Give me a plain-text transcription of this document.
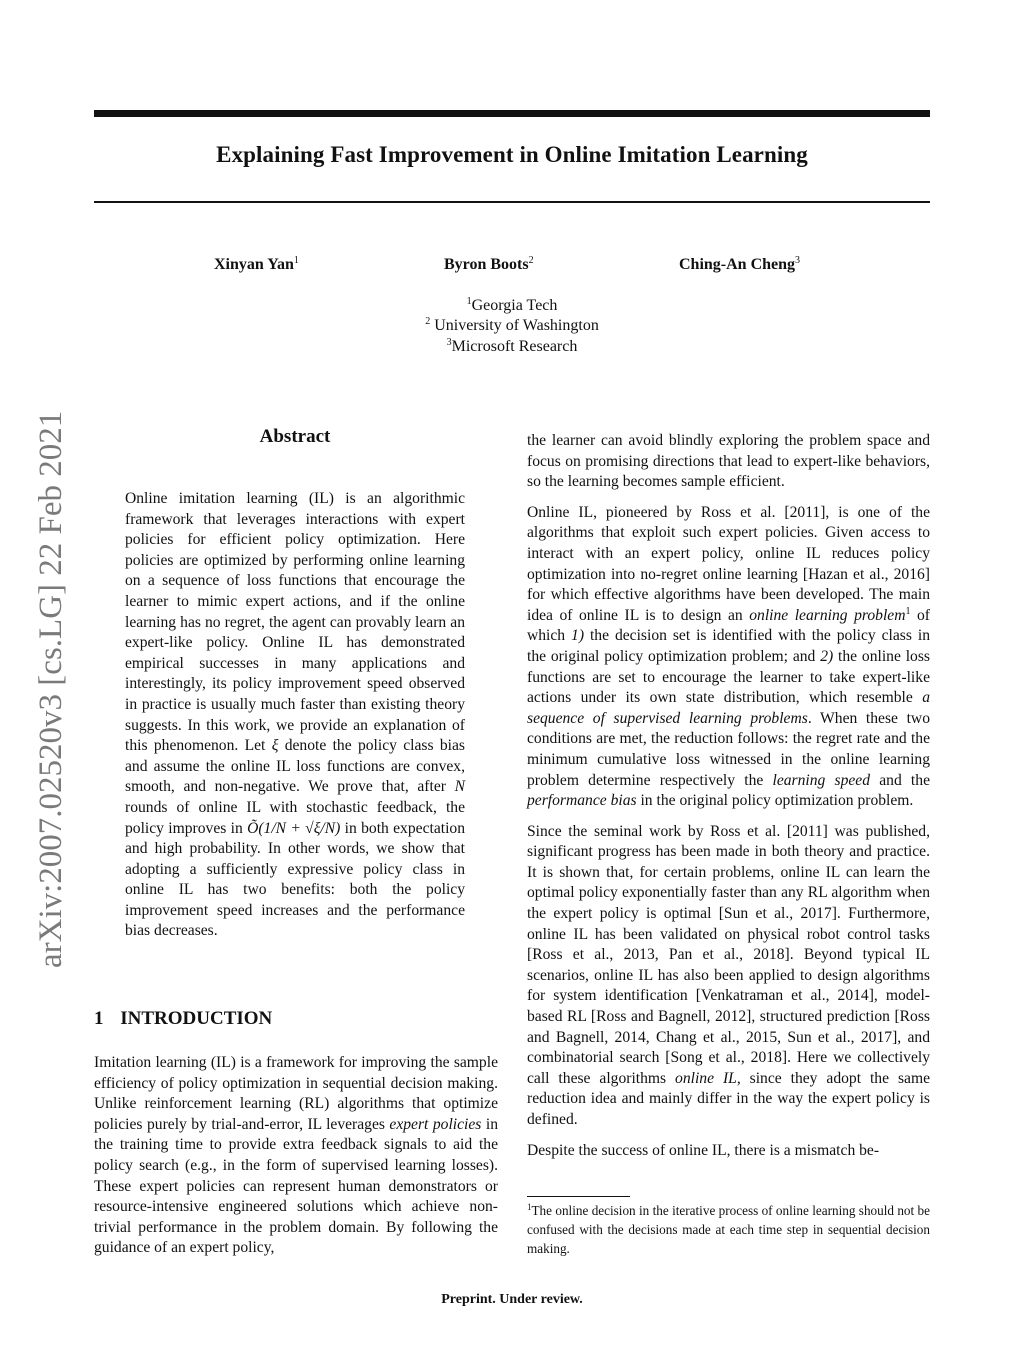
arXiv:2007.02520v3 [cs.LG] 22 Feb 2021
Explaining Fast Improvement in Online Imitation Learning
Xinyan Yan$^1$	Byron Boots$^2$	Ching-An Cheng$^3$
$^1$Georgia Tech
$^2$ University of Washington
$^3$Microsoft Research
Abstract

Online imitation learning (IL) is an algorithmic framework that leverages interactions with expert policies for efficient policy optimization. Here policies are optimized by performing online learning on a sequence of loss functions that encourage the learner to mimic expert actions, and if the online learning has no regret, the agent can provably learn an expert-like policy. Online IL has demonstrated empirical successes in many applications and interestingly, its policy improvement speed observed in practice is usually much faster than existing theory suggests. In this work, we provide an explanation of this phenomenon. Let ξ denote the policy class bias and assume the online IL loss functions are convex, smooth, and non-negative. We prove that, after N rounds of online IL with stochastic feedback, the policy improves in Õ(1/N + √ξ/N) in both expectation and high probability. In other words, we show that adopting a sufficiently expressive policy class in online IL has two benefits: both the policy improvement speed increases and the performance bias decreases.

1 INTRODUCTION

Imitation learning (IL) is a framework for improving the sample efficiency of policy optimization in sequential decision making. Unlike reinforcement learning (RL) algorithms that optimize policies purely by trial-and-error, IL leverages expert policies in the training time to provide extra feedback signals to aid the policy search (e.g., in the form of supervised learning losses). These expert policies can represent human demonstrators or resource-intensive engineered solutions which achieve non-trivial performance in the problem domain. By following the guidance of an expert policy,

the learner can avoid blindly exploring the problem space and focus on promising directions that lead to expert-like behaviors, so the learning becomes sample efficient.

Online IL, pioneered by Ross et al. [2011], is one of the algorithms that exploit such expert policies. Given access to interact with an expert policy, online IL reduces policy optimization into no-regret online learning [Hazan et al., 2016] for which effective algorithms have been developed. The main idea of online IL is to design an online learning problem$^1$ of which 1) the decision set is identified with the policy class in the original policy optimization problem; and 2) the online loss functions are set to encourage the learner to take expert-like actions under its own state distribution, which resemble a sequence of supervised learning problems. When these two conditions are met, the reduction follows: the regret rate and the minimum cumulative loss witnessed in the online learning problem determine respectively the learning speed and the performance bias in the original policy optimization problem.

Since the seminal work by Ross et al. [2011] was published, significant progress has been made in both theory and practice. It is shown that, for certain problems, online IL can learn the optimal policy exponentially faster than any RL algorithm when the expert policy is optimal [Sun et al., 2017]. Furthermore, online IL has been validated on physical robot control tasks [Ross et al., 2013, Pan et al., 2018]. Beyond typical IL scenarios, online IL has also been applied to design algorithms for system identification [Venkatraman et al., 2014], model-based RL [Ross and Bagnell, 2012], structured prediction [Ross and Bagnell, 2014, Chang et al., 2015, Sun et al., 2017], and combinatorial search [Song et al., 2018]. Here we collectively call these algorithms online IL, since they adopt the same reduction idea and mainly differ in the way the expert policy is defined.

Despite the success of online IL, there is a mismatch be-

$^1$The online decision in the iterative process of online learning should not be confused with the decisions made at each time step in sequential decision making.
Preprint. Under review.
